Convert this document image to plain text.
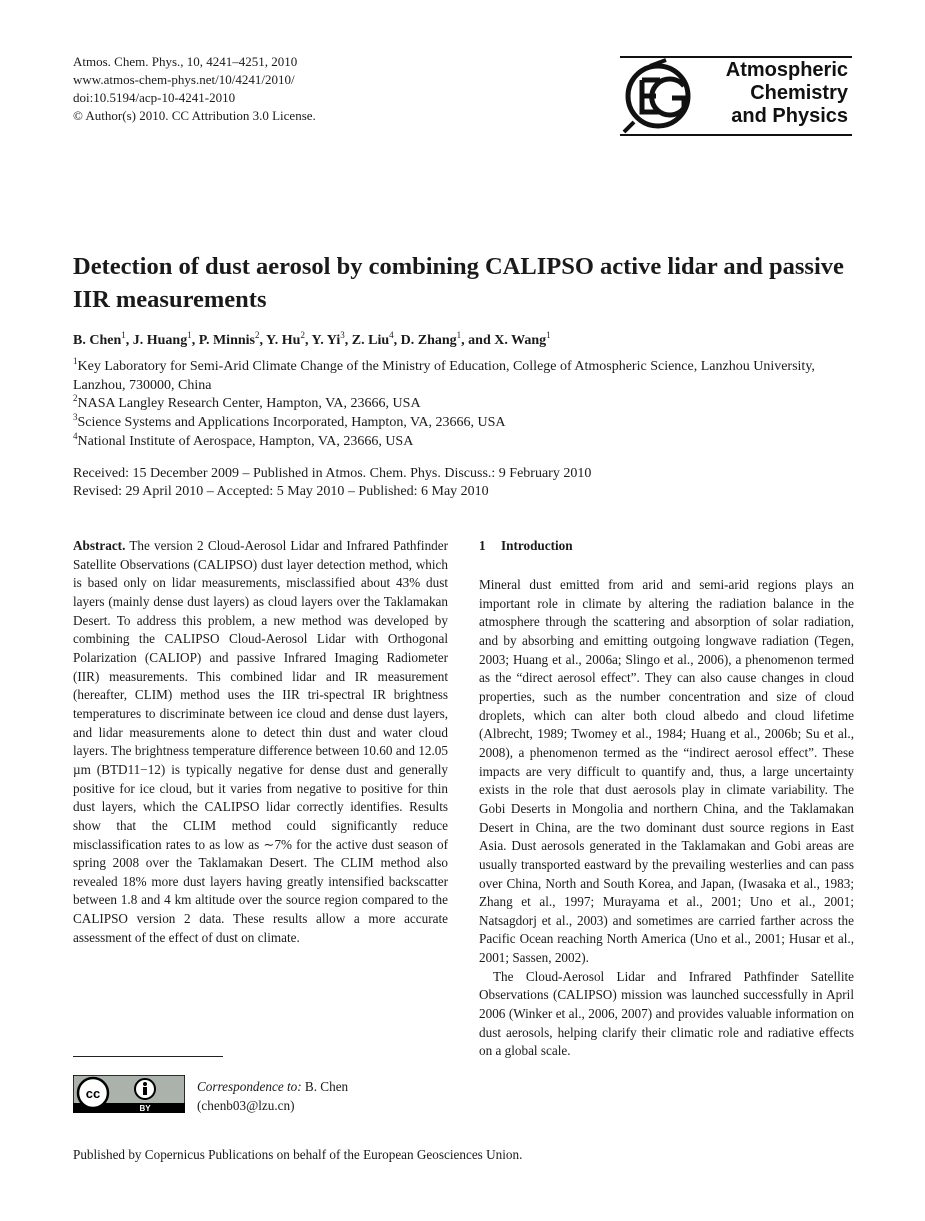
Atmos. Chem. Phys., 10, 4241–4251, 2010
www.atmos-chem-phys.net/10/4241/2010/
doi:10.5194/acp-10-4241-2010
© Author(s) 2010. CC Attribution 3.0 License.
Atmospheric
Chemistry
and Physics
Detection of dust aerosol by combining CALIPSO active lidar and passive IIR measurements
B. Chen$^1$, J. Huang$^1$, P. Minnis$^2$, Y. Hu$^2$, Y. Yi$^3$, Z. Liu$^4$, D. Zhang$^1$, and X. Wang$^1$
$^1$Key Laboratory for Semi-Arid Climate Change of the Ministry of Education, College of Atmospheric Science, Lanzhou University, Lanzhou, 730000, China
$^2$NASA Langley Research Center, Hampton, VA, 23666, USA
$^3$Science Systems and Applications Incorporated, Hampton, VA, 23666, USA
$^4$National Institute of Aerospace, Hampton, VA, 23666, USA
Received: 15 December 2009 – Published in Atmos. Chem. Phys. Discuss.: 9 February 2010
Revised: 29 April 2010 – Accepted: 5 May 2010 – Published: 6 May 2010

Abstract. The version 2 Cloud-Aerosol Lidar and Infrared Pathfinder Satellite Observations (CALIPSO) dust layer detection method, which is based only on lidar measurements, misclassified about 43% dust layers (mainly dense dust layers) as cloud layers over the Taklamakan Desert. To address this problem, a new method was developed by combining the CALIPSO Cloud-Aerosol Lidar with Orthogonal Polarization (CALIOP) and passive Infrared Imaging Radiometer (IIR) measurements. This combined lidar and IR measurement (hereafter, CLIM) method uses the IIR tri-spectral IR brightness temperatures to discriminate between ice cloud and dense dust layers, and lidar measurements alone to detect thin dust and water cloud layers. The brightness temperature difference between 10.60 and 12.05 µm (BTD11−12) is typically negative for dense dust and generally positive for ice cloud, but it varies from negative to positive for thin dust layers, which the CALIPSO lidar correctly identifies. Results show that the CLIM method could significantly reduce misclassification rates to as low as ∼7% for the active dust season of spring 2008 over the Taklamakan Desert. The CLIM method also revealed 18% more dust layers having greatly intensified backscatter between 1.8 and 4 km altitude over the source region compared to the CALIPSO version 2 data. These results allow a more accurate assessment of the effect of dust on climate.

1 Introduction

Mineral dust emitted from arid and semi-arid regions plays an important role in climate by altering the radiation balance in the atmosphere through the scattering and absorption of solar radiation, and by absorbing and emitting outgoing longwave radiation (Tegen, 2003; Huang et al., 2006a; Slingo et al., 2006), a phenomenon termed as the “direct aerosol effect”. They can also cause changes in cloud properties, such as the number concentration and size of cloud droplets, which can alter both cloud albedo and cloud lifetime (Albrecht, 1989; Twomey et al., 1984; Huang et al., 2006b; Su et al., 2008), a phenomenon termed as the “indirect aerosol effect”. These impacts are very difficult to quantify and, thus, a large uncertainty exists in the role that dust aerosols play in climate variability. The Gobi Deserts in Mongolia and northern China, and the Taklamakan Desert in China, are the two dominant dust source regions in East Asia. Dust aerosols generated in the Taklamakan and Gobi areas are usually transported eastward by the prevailing westerlies and can pass over China, North and South Korea, and Japan, (Iwasaka et al., 1983; Zhang et al., 1997; Murayama et al., 2001; Uno et al., 2001; Natsagdorj et al., 2003) and sometimes are carried farther across the Pacific Ocean reaching North America (Uno et al., 2001; Husar et al., 2001; Sassen, 2002).

The Cloud-Aerosol Lidar and Infrared Pathfinder Satellite Observations (CALIPSO) mission was launched successfully in April 2006 (Winker et al., 2006, 2007) and provides valuable information on dust aerosols, helping clarify their climatic role and radiative effects on a global scale.

cc
BY
Correspondence to: B. Chen
(chenb03@lzu.cn)
Published by Copernicus Publications on behalf of the European Geosciences Union.
